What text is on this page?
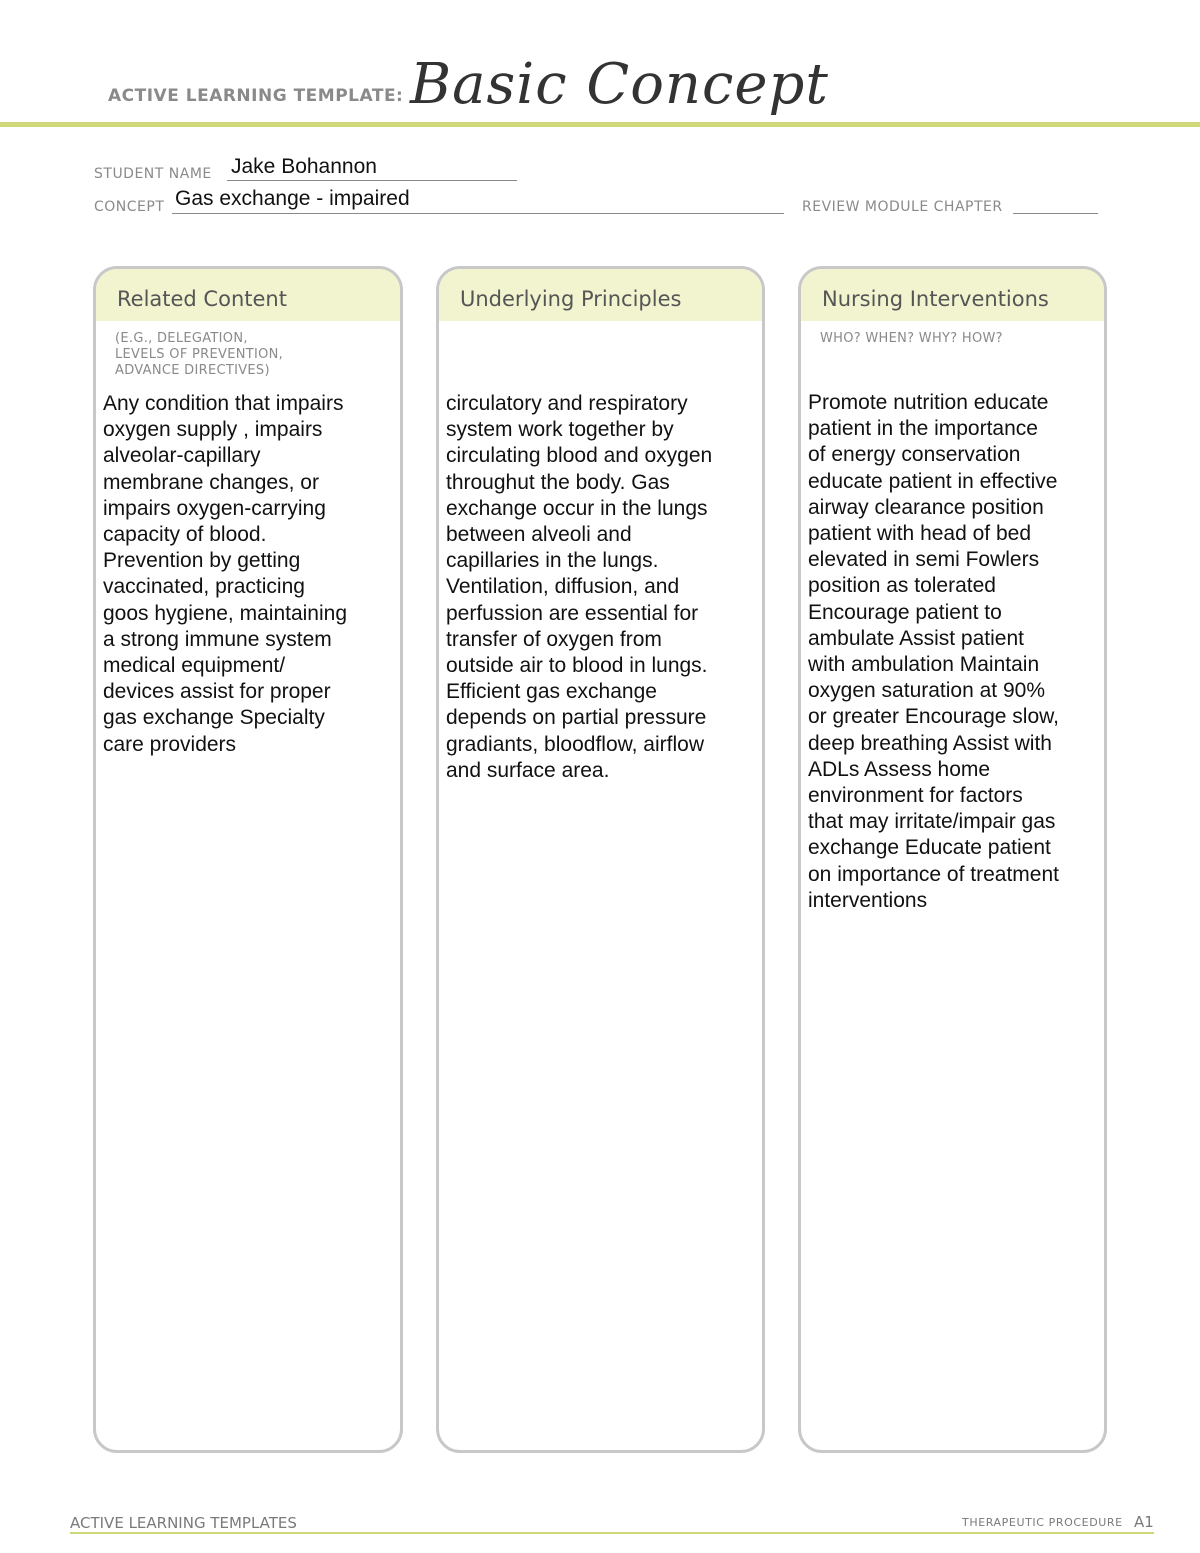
ACTIVE LEARNING TEMPLATE: Basic Concept
STUDENT NAME Jake Bohannon
CONCEPT Gas exchange - impaired	REVIEW MODULE CHAPTER
Related Content
(E.G., DELEGATION,
LEVELS OF PREVENTION,
ADVANCE DIRECTIVES)
Any condition that impairs
oxygen supply , impairs
alveolar-capillary
membrane changes, or
impairs oxygen-carrying
capacity of blood.
Prevention by getting
vaccinated, practicing
goos hygiene, maintaining
a strong immune system
medical equipment/
devices assist for proper
gas exchange Specialty
care providers
Underlying Principles
circulatory and respiratory
system work together by
circulating blood and oxygen
throughut the body. Gas
exchange occur in the lungs
between alveoli and
capillaries in the lungs.
Ventilation, diffusion, and
perfussion are essential for
transfer of oxygen from
outside air to blood in lungs.
Efficient gas exchange
depends on partial pressure
gradiants, bloodflow, airflow
and surface area.
Nursing Interventions
WHO? WHEN? WHY? HOW?
Promote nutrition educate
patient in the importance
of energy conservation
educate patient in effective
airway clearance position
patient with head of bed
elevated in semi Fowlers
position as tolerated
Encourage patient to
ambulate Assist patient
with ambulation Maintain
oxygen saturation at 90%
or greater Encourage slow,
deep breathing Assist with
ADLs Assess home
environment for factors
that may irritate/impair gas
exchange Educate patient
on importance of treatment
interventions
ACTIVE LEARNING TEMPLATES	THERAPEUTIC PROCEDURE A1
